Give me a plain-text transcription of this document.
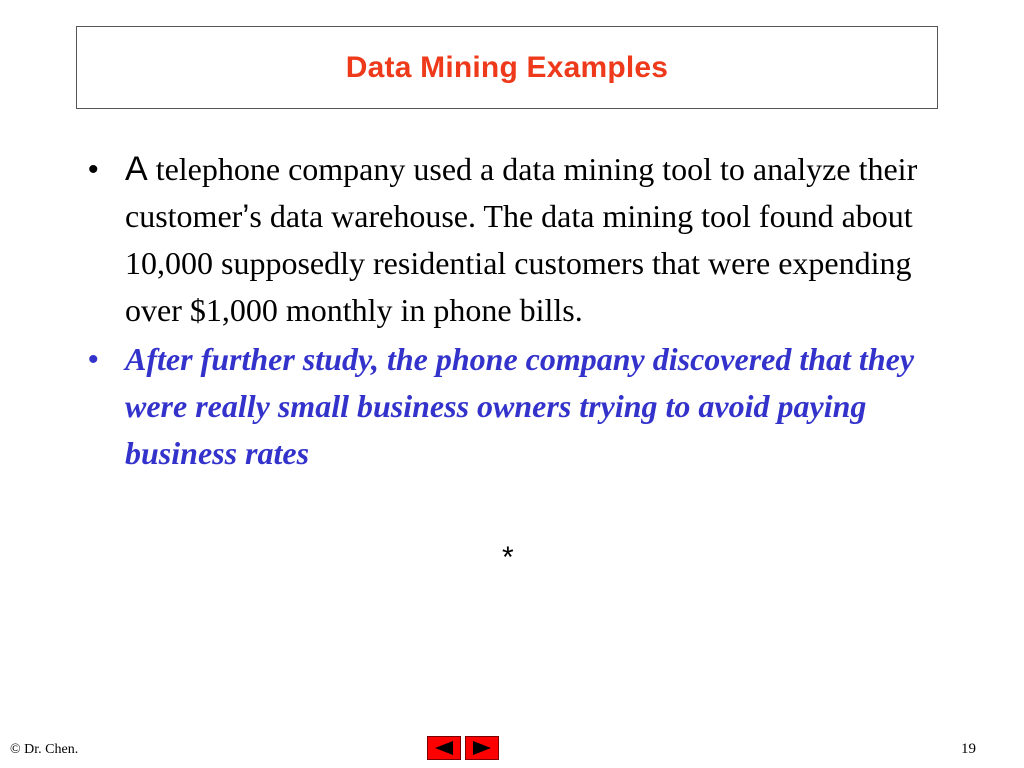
Data Mining Examples
• A telephone company used a data mining tool to analyze their customer’s data warehouse. The data mining tool found about 10,000 supposedly residential customers that were expending over $1,000 monthly in phone bills.
• After further study, the phone company discovered that they were really small business owners trying to avoid paying business rates
*
© Dr. Chen.	19
